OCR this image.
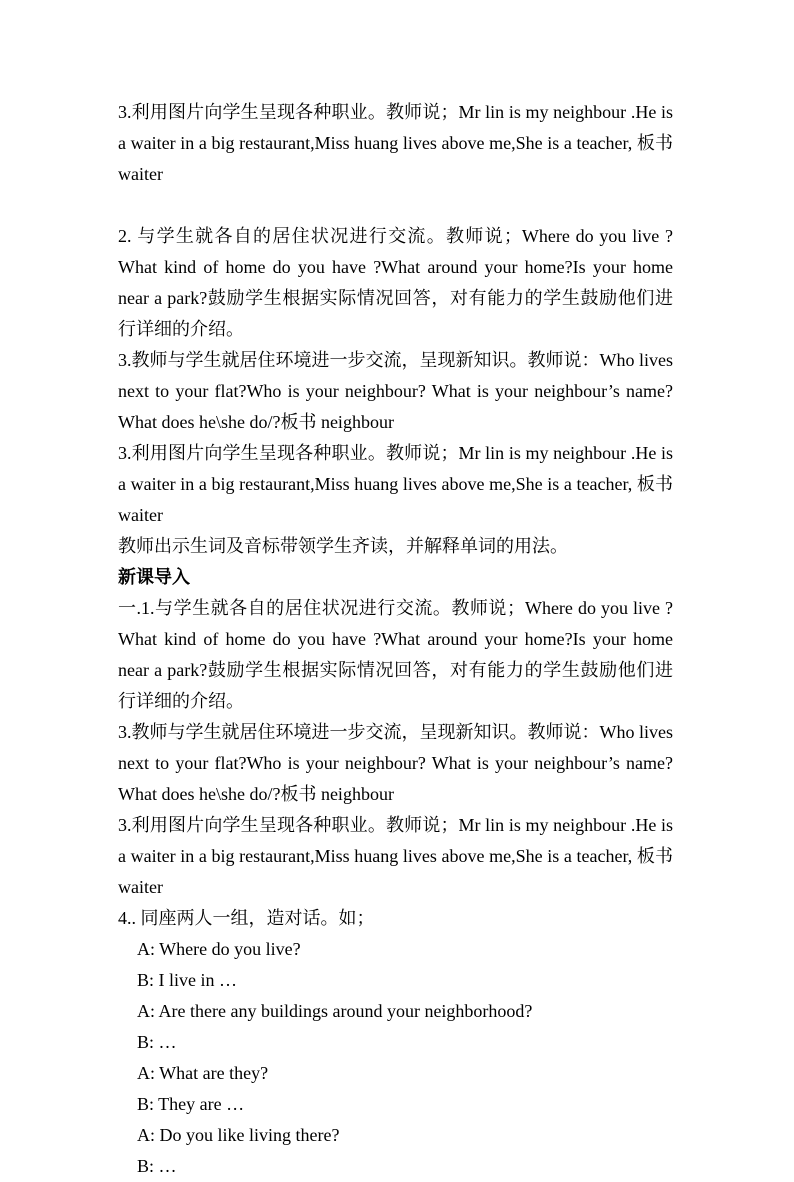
3.利用图片向学生呈现各种职业。教师说；Mr lin is my neighbour .He is a waiter in a big restaurant,Miss huang lives above me,She is a teacher, 板书 waiter

2. 与学生就各自的居住状况进行交流。教师说；Where do you live ? What kind of home do you have ?What around your home?Is your home near a park?鼓励学生根据实际情况回答，对有能力的学生鼓励他们进行详细的介绍。

3.教师与学生就居住环境进一步交流，呈现新知识。教师说：Who lives next to your flat?Who is your neighbour? What is your neighbour’s name?What does he\she do/?板书 neighbour

3.利用图片向学生呈现各种职业。教师说；Mr lin is my neighbour .He is a waiter in a big restaurant,Miss huang lives above me,She is a teacher, 板书 waiter

教师出示生词及音标带领学生齐读，并解释单词的用法。

新课导入

一.1.与学生就各自的居住状况进行交流。教师说；Where do you live ? What kind of home do you have ?What around your home?Is your home near a park?鼓励学生根据实际情况回答，对有能力的学生鼓励他们进行详细的介绍。

3.教师与学生就居住环境进一步交流，呈现新知识。教师说：Who lives next to your flat?Who is your neighbour? What is your neighbour’s name?What does he\she do/?板书 neighbour

3.利用图片向学生呈现各种职业。教师说；Mr lin is my neighbour .He is a waiter in a big restaurant,Miss huang lives above me,She is a teacher, 板书 waiter

4.. 同座两人一组，造对话。如；

A: Where do you live?

B: I live in …

A: Are there any buildings around your neighborhood?

B: …

A: What are they?

B: They are …

A: Do you like living there?

B: …
